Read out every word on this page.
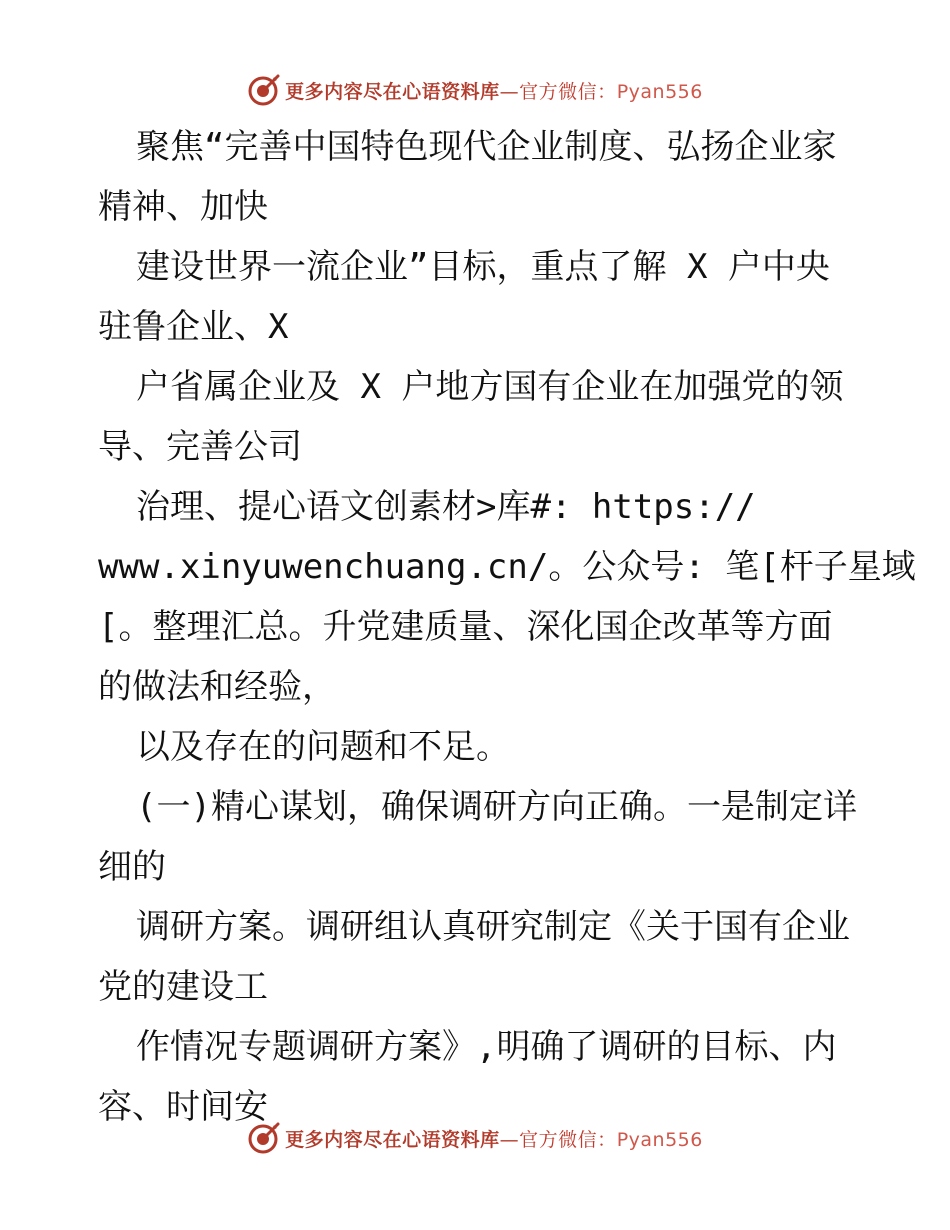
更多内容尽在心语资料库—官方微信：Pyan556
聚焦“完善中国特色现代企业制度、弘扬企业家
精神、加快
建设世界一流企业”目标，重点了解 X 户中央
驻鲁企业、X
户省属企业及 X 户地方国有企业在加强党的领
导、完善公司
治理、提心语文创素材>库#: https://
www.xinyuwenchuang.cn/。公众号: 笔[杆子星域
[。整理汇总。升党建质量、深化国企改革等方面
的做法和经验，
以及存在的问题和不足。
(一)精心谋划，确保调研方向正确。一是制定详
细的
调研方案。调研组认真研究制定《关于国有企业
党的建设工
作情况专题调研方案》,明确了调研的目标、内
容、时间安
更多内容尽在心语资料库—官方微信：Pyan556
